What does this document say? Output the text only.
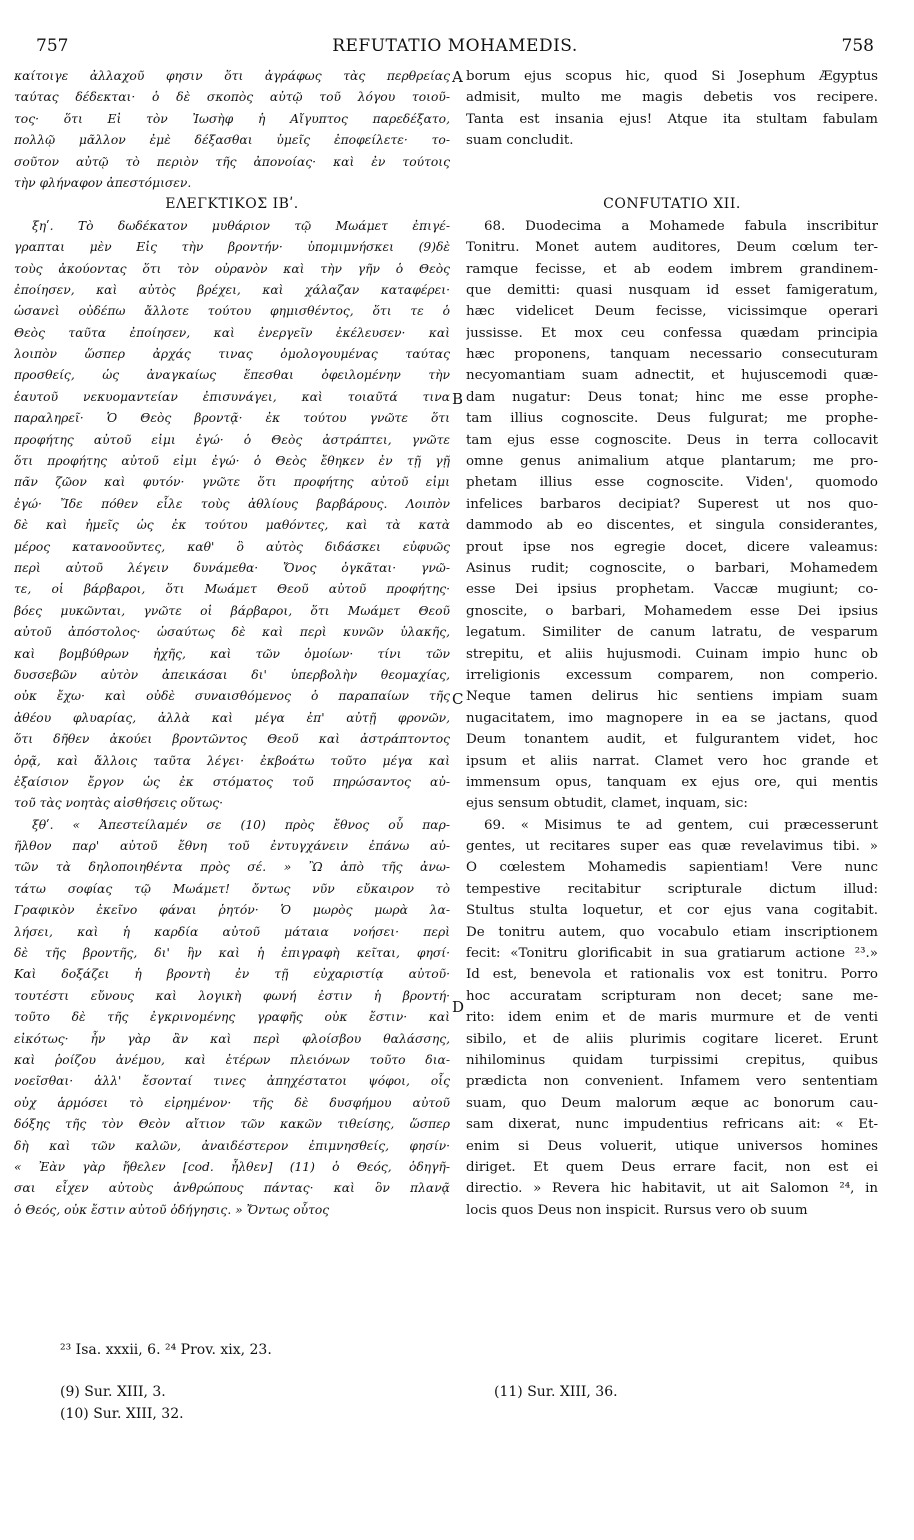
757	REFUTATIO MOHAMEDIS.	758
καίτοιγε ἀλλαχοῦ φησιν ὅτι ἀγράφως τὰς περθρείας
ταύτας δέδεκται· ὁ δὲ σκοπὸς αὐτῷ τοῦ λόγου τοιοῦ-
τος· ὅτι Εἰ τὸν Ἰωσὴφ ἡ Αἴγυπτος παρεδέξατο,
πολλῷ μᾶλλον ἐμὲ δέξασθαι ὑμεῖς ἐποφείλετε· το-
σοῦτον αὐτῷ τὸ περιὸν τῆς ἀπονοίας· καὶ ἐν τούτοις
τὴν φλήναφον ἀπεστόμισεν.
ΕΛΕΓΚΤΙΚΟΣ ΙΒʹ.
ξηʹ. Τὸ δωδέκατον μυθάριον τῷ Μωάμετ ἐπιγέ-
γραπται μὲν Εἰς τὴν βροντήν· ὑπομιμνήσκει (9)δὲ
τοὺς ἀκούοντας ὅτι τὸν οὐρανὸν καὶ τὴν γῆν ὁ Θεὸς
ἐποίησεν, καὶ αὐτὸς βρέχει, καὶ χάλαζαν καταφέρει·
ὡσανεὶ οὐδέπω ἄλλοτε τούτου φημισθέντος, ὅτι τε ὁ
Θεὸς ταῦτα ἐποίησεν, καὶ ἐνεργεῖν ἐκέλευσεν· καὶ
λοιπὸν ὥσπερ ἀρχάς τινας ὁμολογουμένας ταύτας
προσθείς, ὡς ἀναγκαίως ἕπεσθαι ὀφειλομένην τὴν
ἑαυτοῦ νεκυομαντείαν ἐπισυνάγει, καὶ τοιαῦτά τινα
παραληρεῖ· Ὁ Θεὸς βροντᾷ· ἐκ τούτου γνῶτε ὅτι
προφήτης αὐτοῦ εἰμι ἐγώ· ὁ Θεὸς ἀστράπτει, γνῶτε
ὅτι προφήτης αὐτοῦ εἰμι ἐγώ· ὁ Θεὸς ἔθηκεν ἐν τῇ γῇ
πᾶν ζῶον καὶ φυτόν· γνῶτε ὅτι προφήτης αὐτοῦ εἰμι
ἐγώ· Ἴδε πόθεν εἷλε τοὺς ἀθλίους βαρβάρους. Λοιπὸν
δὲ καὶ ἡμεῖς ὡς ἐκ τούτου μαθόντες, καὶ τὰ κατὰ
μέρος κατανοοῦντες, καθ' ὃ αὐτὸς διδάσκει εὐφυῶς
περὶ αὐτοῦ λέγειν δυνάμεθα· Ὄνος ὀγκᾶται· γνῶ-
τε, οἱ βάρβαροι, ὅτι Μωάμετ Θεοῦ αὐτοῦ προφήτης·
βόες μυκῶνται, γνῶτε οἱ βάρβαροι, ὅτι Μωάμετ Θεοῦ
αὐτοῦ ἀπόστολος· ὡσαύτως δὲ καὶ περὶ κυνῶν ὑλακῆς,
καὶ βομβύθρων ἠχῆς, καὶ τῶν ὁμοίων· τίνι τῶν
δυσσεβῶν αὐτὸν ἀπεικάσαι δι' ὑπερβολὴν θεομαχίας,
οὐκ ἔχω· καὶ οὐδὲ συναισθόμενος ὁ παραπαίων τῆς
ἀθέου φλυαρίας, ἀλλὰ καὶ μέγα ἐπ' αὐτῇ φρονῶν,
ὅτι δῆθεν ἀκούει βροντῶντος Θεοῦ καὶ ἀστράπτοντος
ὁρᾷ, καὶ ἄλλοις ταῦτα λέγει· ἐκβοάτω τοῦτο μέγα καὶ
ἐξαίσιον ἔργον ὡς ἐκ στόματος τοῦ πηρώσαντος αὐ-
τοῦ τὰς νοητὰς αἰσθήσεις οὕτως·
ξθʹ. « Ἀπεστείλαμέν σε (10) πρὸς ἔθνος οὗ παρ-
ῆλθον παρ' αὐτοῦ ἔθνη τοῦ ἐντυγχάνειν ἐπάνω αὐ-
τῶν τὰ δηλοποιηθέντα πρὸς σέ. » Ὢ ἀπὸ τῆς ἀνω-
τάτω σοφίας τῷ Μωάμετ! ὄντως νῦν εὔκαιρον τὸ
Γραφικὸν ἐκεῖνο φάναι ῥητόν· Ὁ μωρὸς μωρὰ λα-
λήσει, καὶ ἡ καρδία αὐτοῦ μάταια νοήσει· περὶ
δὲ τῆς βροντῆς, δι' ἣν καὶ ἡ ἐπιγραφὴ κεῖται, φησί·
Καὶ δοξάζει ἡ βροντὴ ἐν τῇ εὐχαριστίᾳ αὐτοῦ·
τουτέστι εὔνους καὶ λογικὴ φωνή ἐστιν ἡ βροντή·
τοῦτο δὲ τῆς ἐγκρινομένης γραφῆς οὐκ ἔστιν· καὶ
εἰκότως· ἦν γὰρ ἂν καὶ περὶ φλοίσβου θαλάσσης,
καὶ ῥοίζου ἀνέμου, καὶ ἑτέρων πλειόνων τοῦτο δια-
νοεῖσθαι· ἀλλ' ἔσονταί τινες ἀπηχέστατοι ψόφοι, οἷς
οὐχ ἁρμόσει τὸ εἰρημένον· τῆς δὲ δυσφήμου αὐτοῦ
δόξης τῆς τὸν Θεὸν αἴτιον τῶν κακῶν τιθείσης, ὥσπερ
δὴ καὶ τῶν καλῶν, ἀναιδέστερον ἐπιμνησθείς, φησίν·
« Ἐὰν γὰρ ἤθελεν [cod. ἦλθεν] (11) ὁ Θεός, ὁδηγῆ-
σαι εἶχεν αὐτοὺς ἀνθρώπους πάντας· καὶ ὃν πλανᾷ
ὁ Θεός, οὐκ ἔστιν αὐτοῦ ὁδήγησις. » Ὄντως οὗτος
borum ejus scopus hic, quod Si Josephum Ægyptus
admisit, multo me magis debetis vos recipere.
Tanta est insania ejus! Atque ita stultam fabulam
suam concludit.
CONFUTATIO XII.
68. Duodecima a Mohamede fabula inscribitur
Tonitru. Monet autem auditores, Deum cœlum ter-
ramque fecisse, et ab eodem imbrem grandinem-
que demitti: quasi nusquam id esset famigeratum,
hæc videlicet Deum fecisse, vicissimque operari
jussisse. Et mox ceu confessa quædam principia
hæc proponens, tanquam necessario consecuturam
necyomantiam suam adnectit, et hujuscemodi quæ-
dam nugatur: Deus tonat; hinc me esse prophe-
tam illius cognoscite. Deus fulgurat; me prophe-
tam ejus esse cognoscite. Deus in terra collocavit
omne genus animalium atque plantarum; me pro-
phetam illius esse cognoscite. Viden', quomodo
infelices barbaros decipiat? Superest ut nos quo-
dammodo ab eo discentes, et singula considerantes,
prout ipse nos egregie docet, dicere valeamus:
Asinus rudit; cognoscite, o barbari, Mohamedem
esse Dei ipsius prophetam. Vaccæ mugiunt; co-
gnoscite, o barbari, Mohamedem esse Dei ipsius
legatum. Similiter de canum latratu, de vesparum
strepitu, et aliis hujusmodi. Cuinam impio hunc ob
irreligionis excessum comparem, non comperio.
Neque tamen delirus hic sentiens impiam suam
nugacitatem, imo magnopere in ea se jactans, quod
Deum tonantem audit, et fulgurantem videt, hoc
ipsum et aliis narrat. Clamet vero hoc grande et
immensum opus, tanquam ex ejus ore, qui mentis
ejus sensum obtudit, clamet, inquam, sic:
69. « Misimus te ad gentem, cui præcesserunt
gentes, ut recitares super eas quæ revelavimus tibi. »
O cœlestem Mohamedis sapientiam! Vere nunc
tempestive recitabitur scripturale dictum illud:
Stultus stulta loquetur, et cor ejus vana cogitabit.
De tonitru autem, quo vocabulo etiam inscriptionem
fecit: «Tonitru glorificabit in sua gratiarum actione ²³.»
Id est, benevola et rationalis vox est tonitru. Porro
hoc accuratam scripturam non decet; sane me-
rito: idem enim et de maris murmure et de venti
sibilo, et de aliis plurimis cogitare liceret. Erunt
nihilominus quidam turpissimi crepitus, quibus
prædicta non convenient. Infamem vero sententiam
suam, quo Deum malorum æque ac bonorum cau-
sam dixerat, nunc impudentius refricans ait: « Et-
enim si Deus voluerit, utique universos homines
diriget. Et quem Deus errare facit, non est ei
directio. » Revera hic habitavit, ut ait Salomon ²⁴, in
locis quos Deus non inspicit. Rursus vero ob suum
A
B
C
D
²³ Isa. xxxii, 6. ²⁴ Prov. xix, 23.
(9) Sur. XIII, 3.
(10) Sur. XIII, 32.
(11) Sur. XIII, 36.
